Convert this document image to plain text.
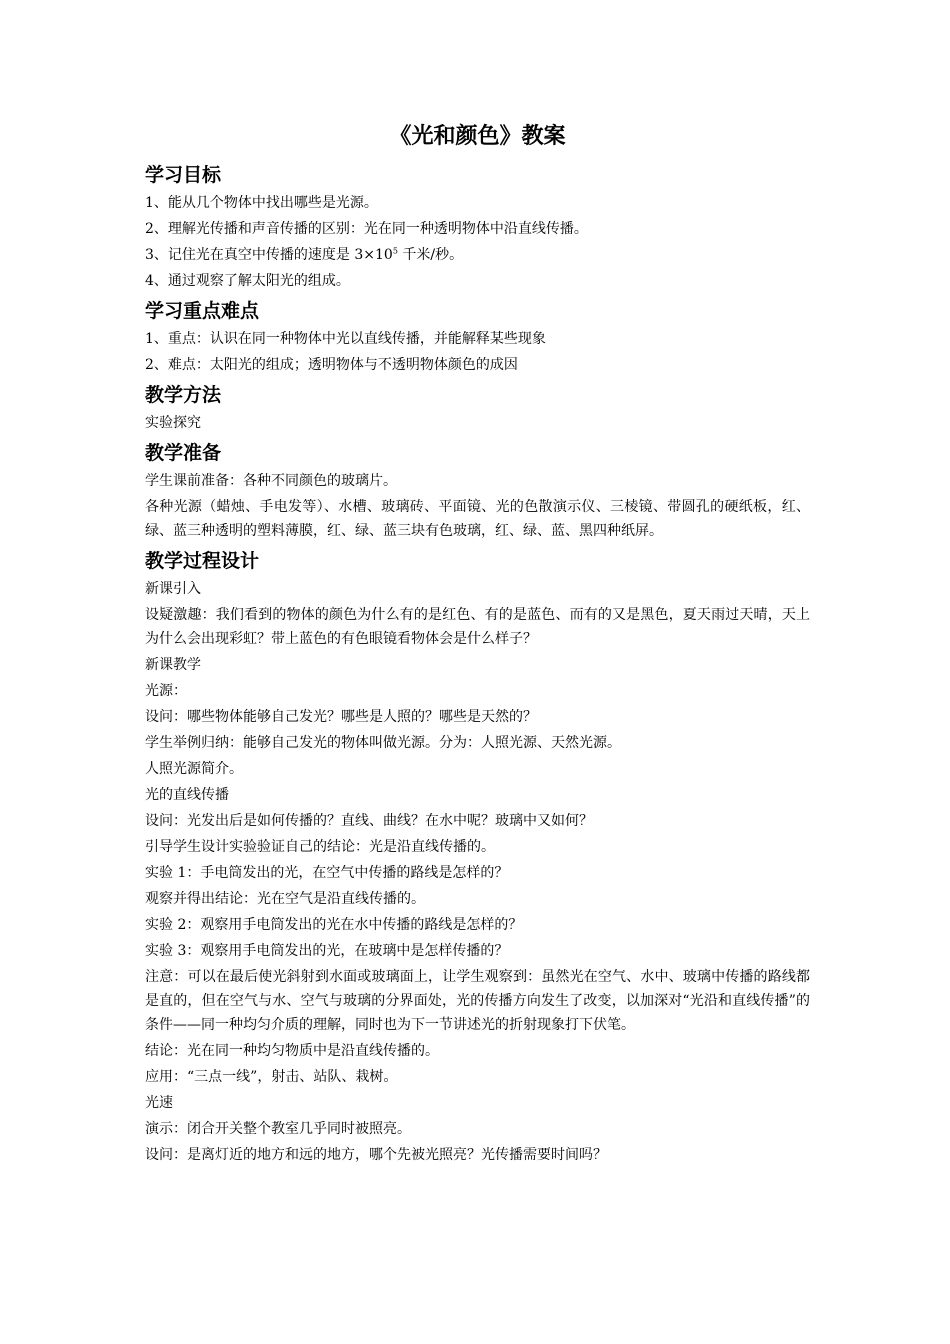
《光和颜色》教案
学习目标

1、能从几个物体中找出哪些是光源。

2、理解光传播和声音传播的区别：光在同一种透明物体中沿直线传播。

3、记住光在真空中传播的速度是 $3\times 10^5$ 千米/秒。

4、通过观察了解太阳光的组成。

学习重点难点

1、重点：认识在同一种物体中光以直线传播，并能解释某些现象

2、难点：太阳光的组成；透明物体与不透明物体颜色的成因

教学方法

实验探究

教学准备

学生课前准备：各种不同颜色的玻璃片。

各种光源（蜡烛、手电发等）、水槽、玻璃砖、平面镜、光的色散演示仪、三棱镜、带圆孔的硬纸板，红、绿、蓝三种透明的塑料薄膜，红、绿、蓝三块有色玻璃，红、绿、蓝、黑四种纸屏。

教学过程设计

新课引入

设疑激趣：我们看到的物体的颜色为什么有的是红色、有的是蓝色、而有的又是黑色，夏天雨过天晴，天上为什么会出现彩虹？带上蓝色的有色眼镜看物体会是什么样子？

新课教学

光源：

设问：哪些物体能够自己发光？哪些是人照的？哪些是天然的？

学生举例归纳：能够自己发光的物体叫做光源。分为：人照光源、天然光源。

人照光源简介。

光的直线传播

设问：光发出后是如何传播的？直线、曲线？在水中呢？玻璃中又如何？

引导学生设计实验验证自己的结论：光是沿直线传播的。

实验 1：手电筒发出的光，在空气中传播的路线是怎样的？

观察并得出结论：光在空气是沿直线传播的。

实验 2：观察用手电筒发出的光在水中传播的路线是怎样的？

实验 3：观察用手电筒发出的光，在玻璃中是怎样传播的？

注意：可以在最后使光斜射到水面或玻璃面上，让学生观察到：虽然光在空气、水中、玻璃中传播的路线都是直的，但在空气与水、空气与玻璃的分界面处，光的传播方向发生了改变，以加深对“光沿和直线传播”的条件——同一种均匀介质的理解，同时也为下一节讲述光的折射现象打下伏笔。

结论：光在同一种均匀物质中是沿直线传播的。

应用：“三点一线”，射击、站队、栽树。

光速

演示：闭合开关整个教室几乎同时被照亮。

设问：是离灯近的地方和远的地方，哪个先被光照亮？光传播需要时间吗？
